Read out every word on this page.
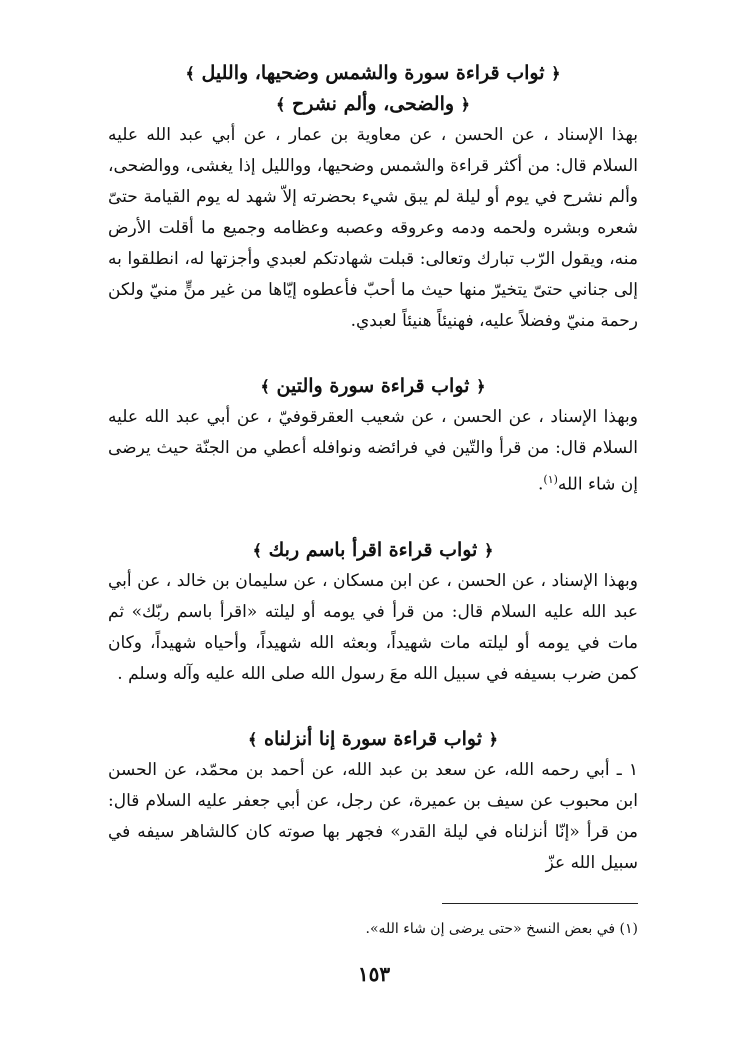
﴿ ثواب قراءة سورة والشمس وضحيها، والليل ﴾
﴿ والضحى، وألم نشرح ﴾

بهذا الإسناد ، عن الحسن ، عن معاوية بن عمار ، عن أبي عبد الله عليه السلام قال: من أكثر قراءة والشمس وضحيها، ووالليل إذا يغشى، ووالضحى، وألم نشرح في يوم أو ليلة لم يبق شيء بحضرته إلاّ شهد له يوم القيامة حتىّ شعره وبشره ولحمه ودمه وعروقه وعصبه وعظامه وجميع ما أقلت الأرض منه، ويقول الرّب تبارك وتعالى: قبلت شهادتكم لعبدي وأجزتها له، انطلقوا به إلى جناني حتىّ يتخيرّ منها حيث ما أحبّ فأعطوه إيّاها من غير منٍّ منيّ ولكن رحمة منيّ وفضلاً عليه، فهنيئاً هنيئاً لعبدي.

﴿ ثواب قراءة سورة والتين ﴾

وبهذا الإسناد ، عن الحسن ، عن شعيب العقرقوفيّ ، عن أبي عبد الله عليه السلام قال: من قرأ والتّين في فرائضه ونوافله أعطي من الجنّة حيث يرضى إن شاء الله$^{(١)}$.

﴿ ثواب قراءة اقرأ باسم ربك ﴾

وبهذا الإسناد ، عن الحسن ، عن ابن مسكان ، عن سليمان بن خالد ، عن أبي عبد الله عليه السلام قال: من قرأ في يومه أو ليلته «اقرأ باسم ربّك» ثم مات في يومه أو ليلته مات شهيداً، وبعثه الله شهيداً، وأحياه شهيداً، وكان كمن ضرب بسيفه في سبيل الله معَ رسول الله صلى الله عليه وآله وسلم .

﴿ ثواب قراءة سورة إنا أنزلناه ﴾

١ ـ أبي رحمه الله، عن سعد بن عبد الله، عن أحمد بن محمّد، عن الحسن ابن محبوب عن سيف بن عميرة، عن رجل، عن أبي جعفر عليه السلام قال: من قرأ «إنّا أنزلناه في ليلة القدر» فجهر بها صوته كان كالشاهر سيفه في سبيل الله عزّ

(١) في بعض النسخ «حتى يرضى إن شاء الله».
١٥٣
